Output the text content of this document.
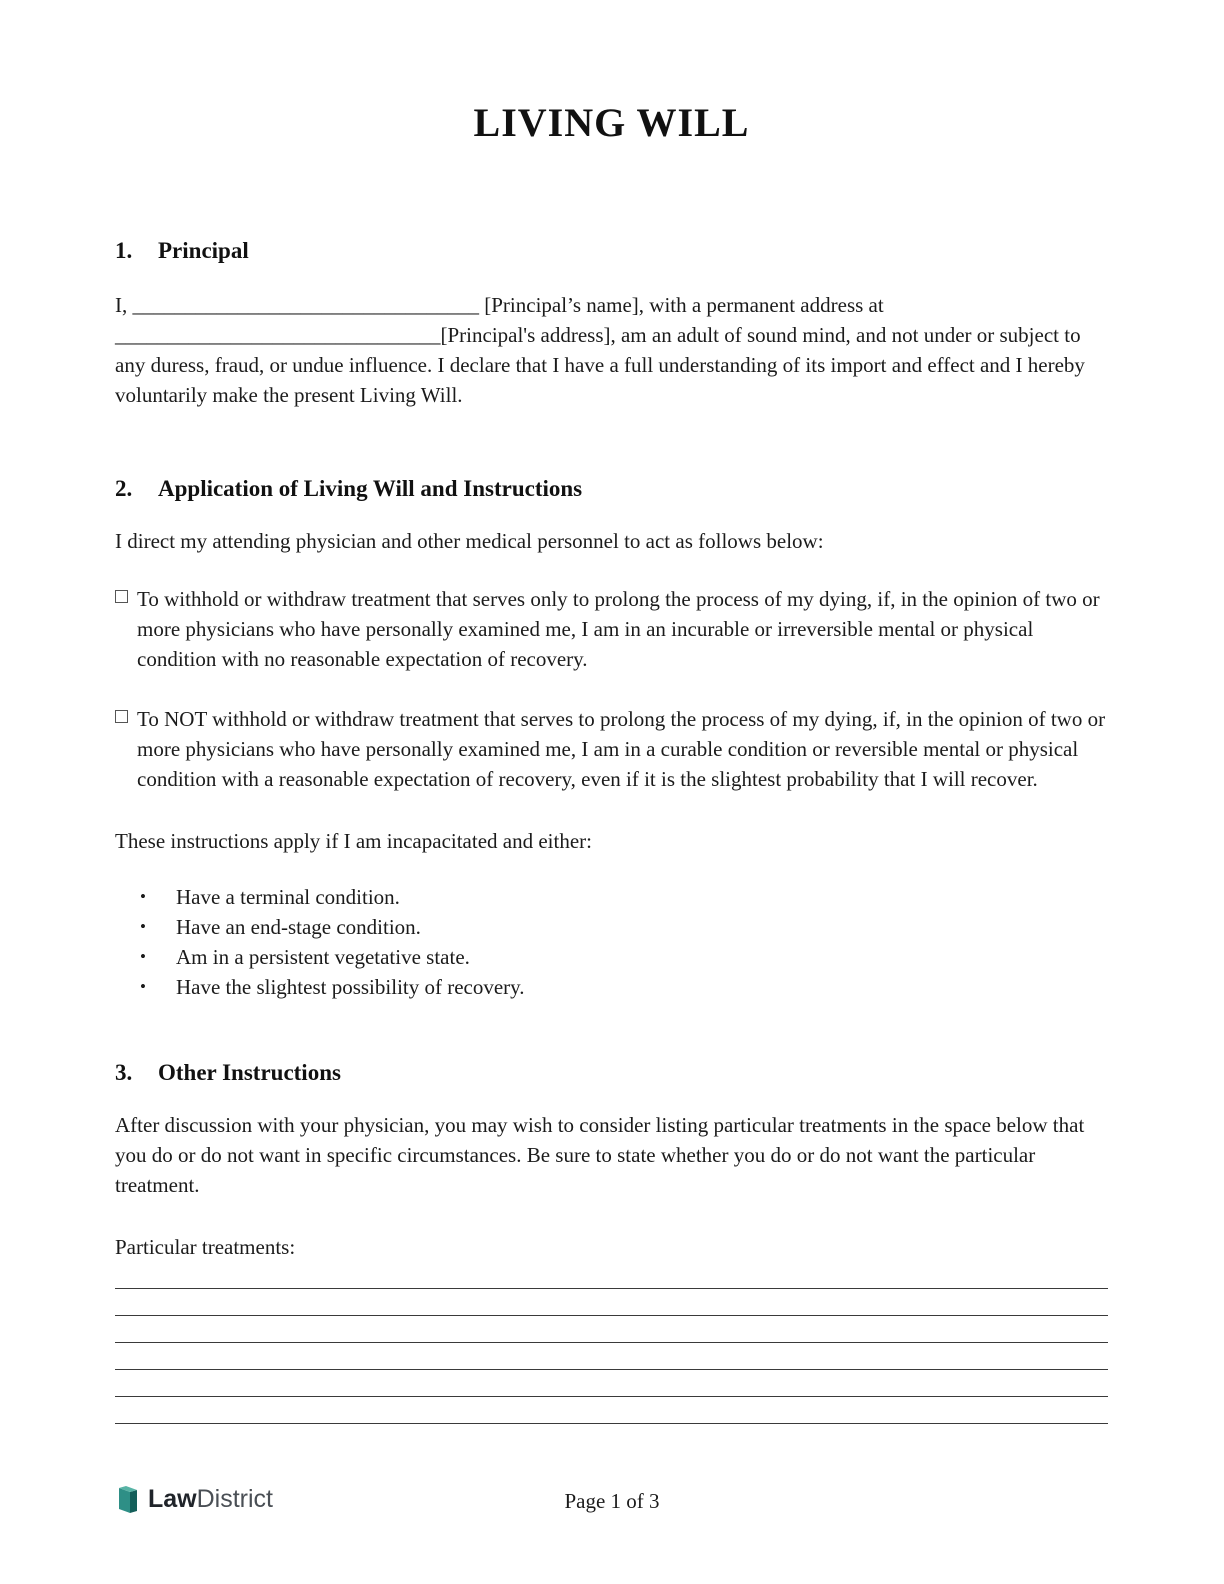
LIVING WILL
1.	Principal

I, _________________________________ [Principal’s name], with a permanent address at _______________________________[Principal's address], am an adult of sound mind, and not under or subject to any duress, fraud, or undue influence. I declare that I have a full understanding of its import and effect and I hereby voluntarily make the present Living Will.

2.	Application of Living Will and Instructions

I direct my attending physician and other medical personnel to act as follows below:

To withhold or withdraw treatment that serves only to prolong the process of my dying, if, in the opinion of two or more physicians who have personally examined me, I am in an incurable or irreversible mental or physical condition with no reasonable expectation of recovery.
To NOT withhold or withdraw treatment that serves to prolong the process of my dying, if, in the opinion of two or more physicians who have personally examined me, I am in a curable condition or reversible mental or physical condition with a reasonable expectation of recovery, even if it is the slightest probability that I will recover.

These instructions apply if I am incapacitated and either:

•	Have a terminal condition.
•	Have an end-stage condition.
•	Am in a persistent vegetative state.
•	Have the slightest possibility of recovery.
3.	Other Instructions

After discussion with your physician, you may wish to consider listing particular treatments in the space below that you do or do not want in specific circumstances. Be sure to state whether you do or do not want the particular treatment.

Particular treatments:

Law District	Page 1 of 3
